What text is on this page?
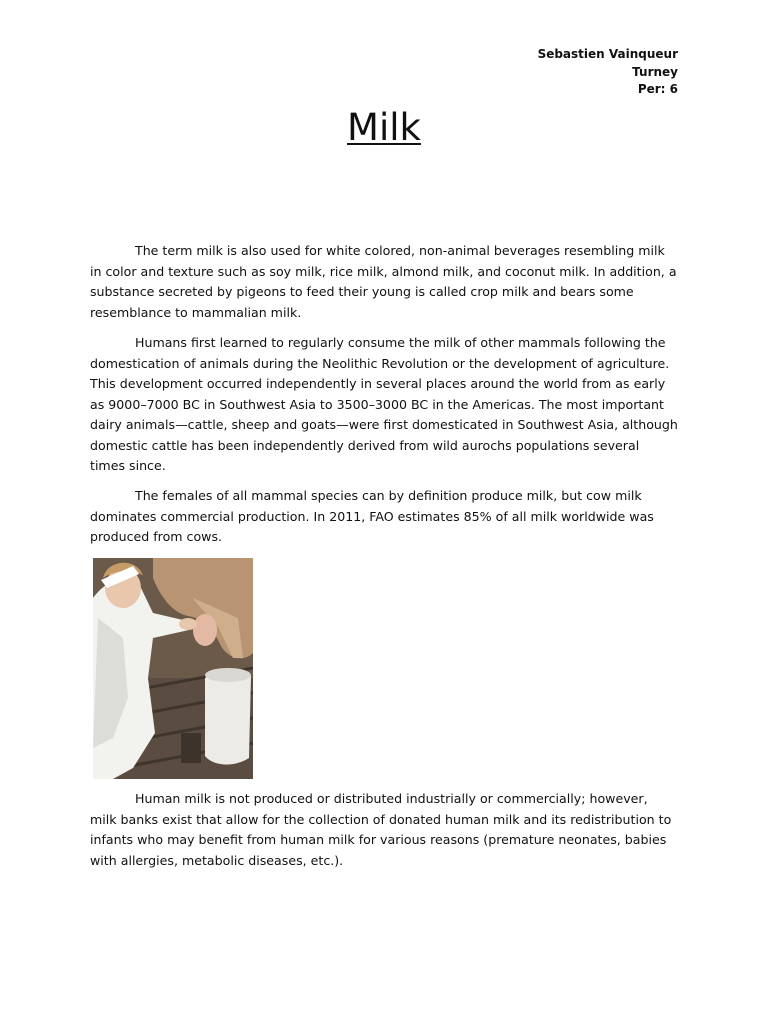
Sebastien Vainqueur
Turney
Per: 6
Milk

The term milk is also used for white colored, non-animal beverages resembling milk in color and texture such as soy milk, rice milk, almond milk, and coconut milk. In addition, a substance secreted by pigeons to feed their young is called crop milk and bears some resemblance to mammalian milk.

Humans first learned to regularly consume the milk of other mammals following the domestication of animals during the Neolithic Revolution or the development of agriculture. This development occurred independently in several places around the world from as early as 9000–7000 BC in Southwest Asia to 3500–3000 BC in the Americas. The most important dairy animals—cattle, sheep and goats—were first domesticated in Southwest Asia, although domestic cattle has been independently derived from wild aurochs populations several times since.

The females of all mammal species can by definition produce milk, but cow milk dominates commercial production. In 2011, FAO estimates 85% of all milk worldwide was produced from cows.

Human milk is not produced or distributed industrially or commercially; however, milk banks exist that allow for the collection of donated human milk and its redistribution to infants who may benefit from human milk for various reasons (premature neonates, babies with allergies, metabolic diseases, etc.).
